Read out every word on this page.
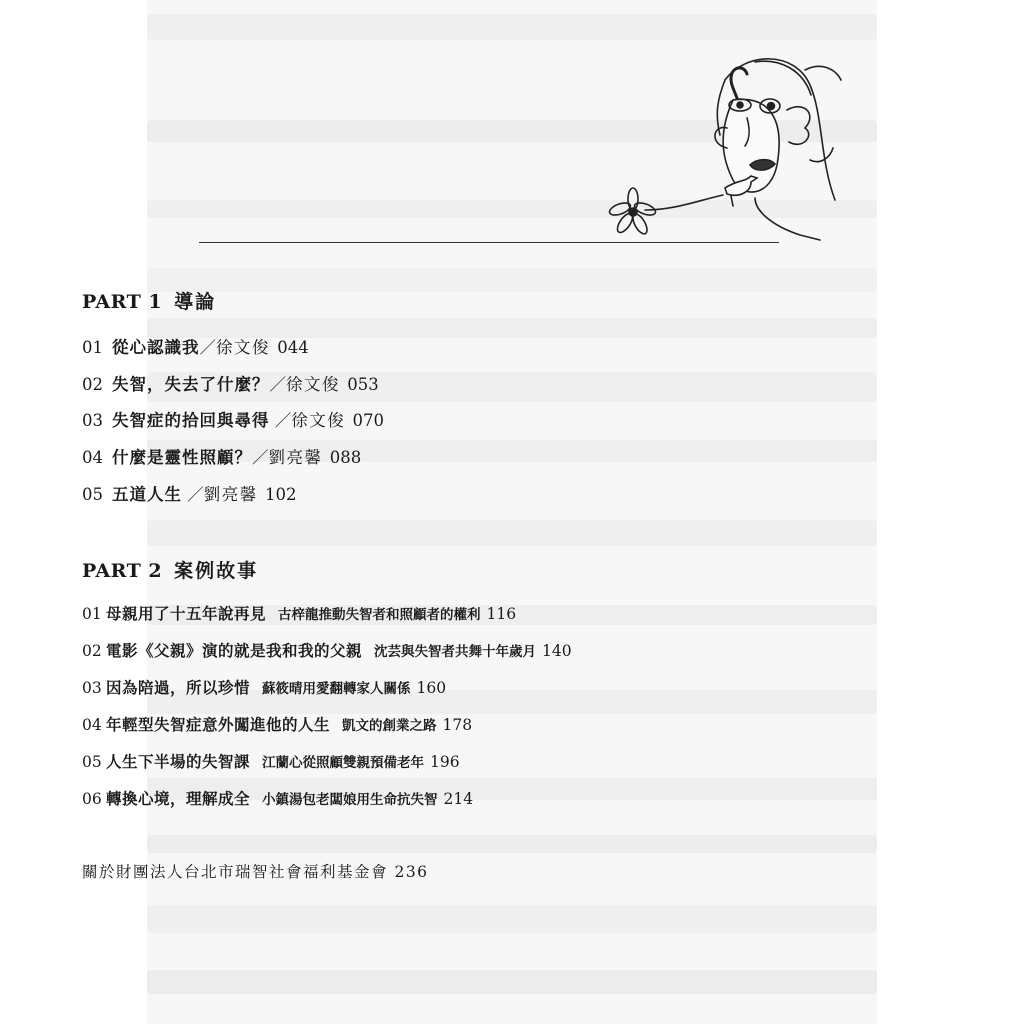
PART 1 導論
01 從心認識我／徐文俊 044
02 失智，失去了什麼？／徐文俊 053
03 失智症的拾回與尋得 ／徐文俊 070
04 什麼是靈性照顧？／劉亮馨 088
05 五道人生 ／劉亮馨 102
PART 2 案例故事
01 母親用了十五年說再見 古梓龍推動失智者和照顧者的權利 116
02 電影《父親》演的就是我和我的父親 沈芸與失智者共舞十年歲月 140
03 因為陪過，所以珍惜 蘇筱晴用愛翻轉家人關係 160
04 年輕型失智症意外闖進他的人生 凱文的創業之路 178
05 人生下半場的失智課 江蘭心從照顧雙親預備老年 196
06 轉換心境，理解成全 小鎮湯包老闆娘用生命抗失智 214
關於財團法人台北市瑞智社會福利基金會 236
